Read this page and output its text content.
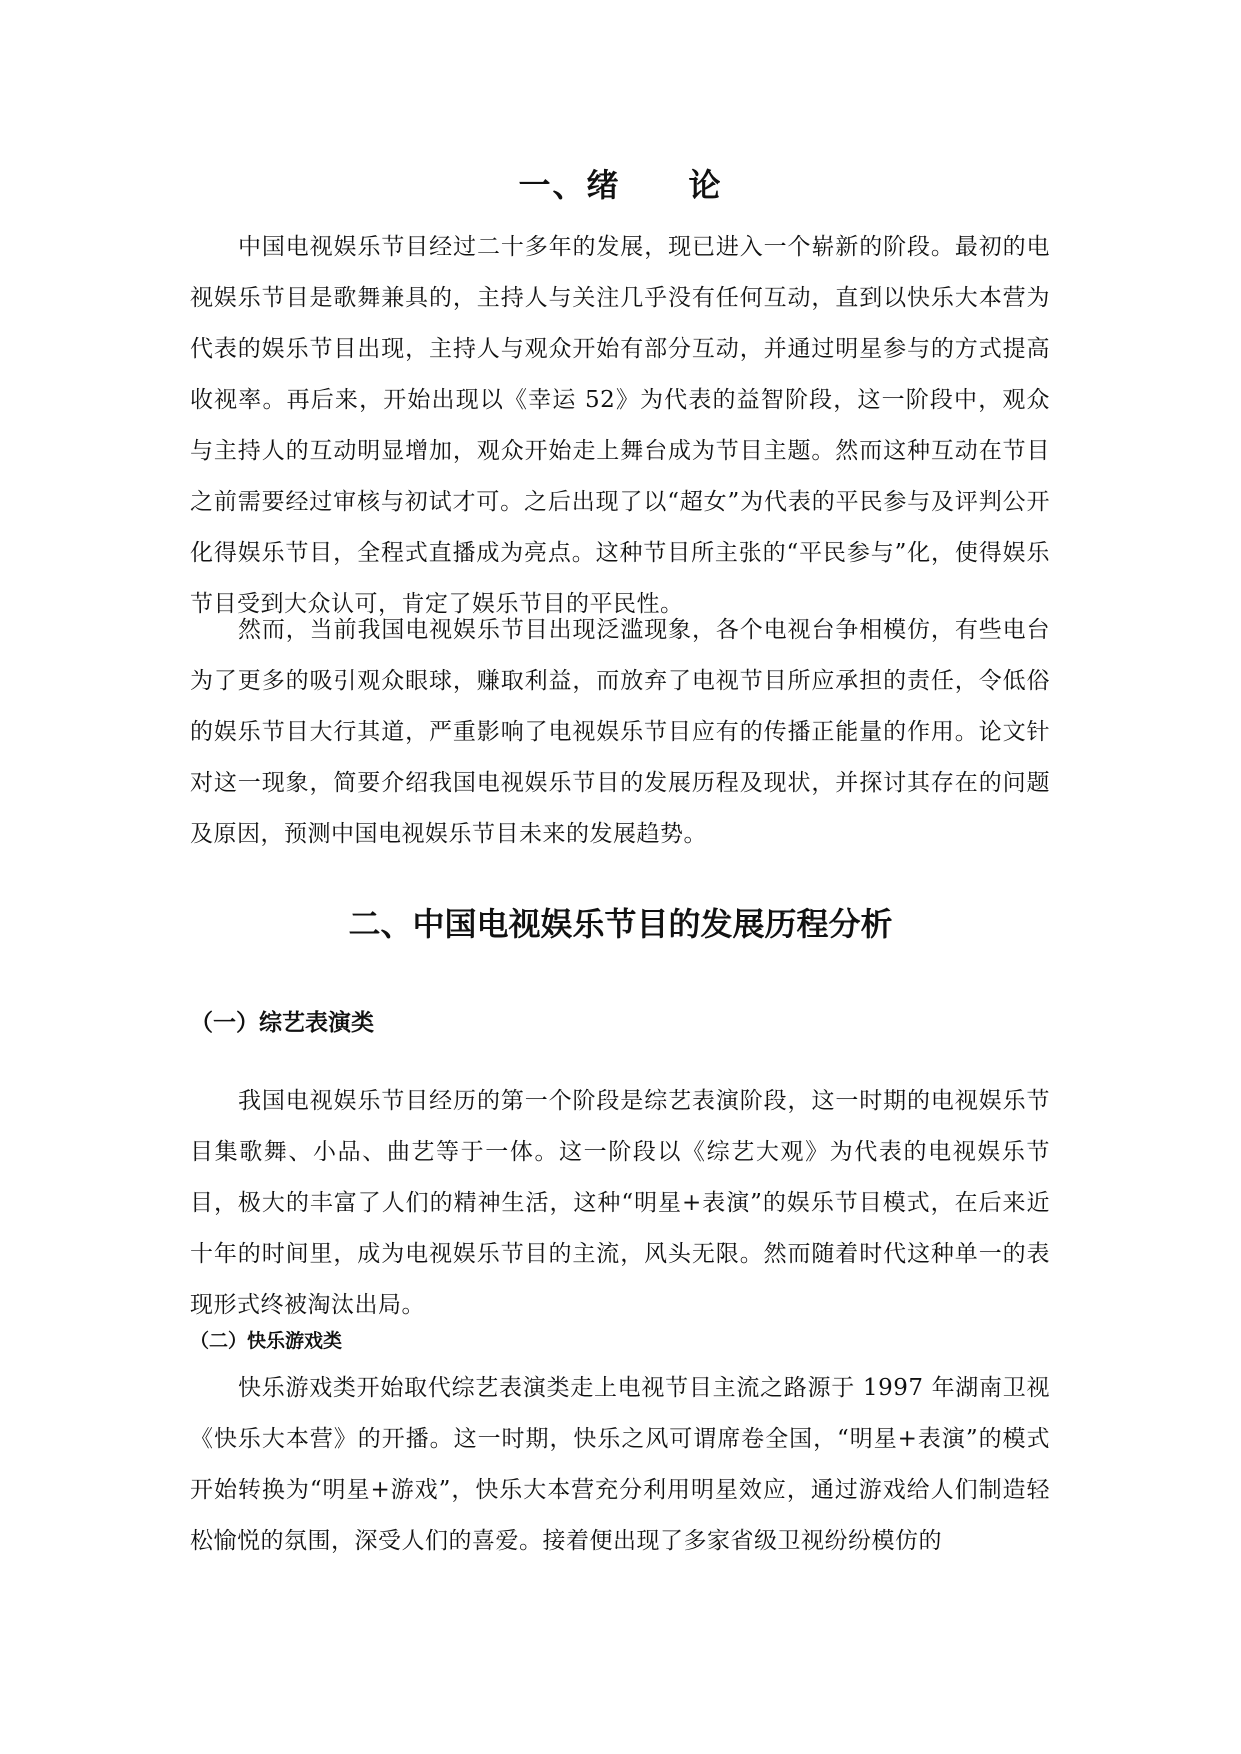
一、绪　　论

中国电视娱乐节目经过二十多年的发展，现已进入一个崭新的阶段。最初的电视娱乐节目是歌舞兼具的，主持人与关注几乎没有任何互动，直到以快乐大本营为代表的娱乐节目出现，主持人与观众开始有部分互动，并通过明星参与的方式提高收视率。再后来，开始出现以《幸运 52》为代表的益智阶段，这一阶段中，观众与主持人的互动明显增加，观众开始走上舞台成为节目主题。然而这种互动在节目之前需要经过审核与初试才可。之后出现了以“超女”为代表的平民参与及评判公开化得娱乐节目，全程式直播成为亮点。这种节目所主张的“平民参与”化，使得娱乐节目受到大众认可，肯定了娱乐节目的平民性。

然而，当前我国电视娱乐节目出现泛滥现象，各个电视台争相模仿，有些电台为了更多的吸引观众眼球，赚取利益，而放弃了电视节目所应承担的责任，令低俗的娱乐节目大行其道，严重影响了电视娱乐节目应有的传播正能量的作用。论文针对这一现象，简要介绍我国电视娱乐节目的发展历程及现状，并探讨其存在的问题及原因，预测中国电视娱乐节目未来的发展趋势。

二、中国电视娱乐节目的发展历程分析
（一）综艺表演类

我国电视娱乐节目经历的第一个阶段是综艺表演阶段，这一时期的电视娱乐节目集歌舞、小品、曲艺等于一体。这一阶段以《综艺大观》为代表的电视娱乐节目，极大的丰富了人们的精神生活，这种“明星+表演”的娱乐节目模式，在后来近十年的时间里，成为电视娱乐节目的主流，风头无限。然而随着时代这种单一的表现形式终被淘汰出局。

（二）快乐游戏类

快乐游戏类开始取代综艺表演类走上电视节目主流之路源于 1997 年湖南卫视《快乐大本营》的开播。这一时期，快乐之风可谓席卷全国，“明星+表演”的模式开始转换为“明星+游戏”，快乐大本营充分利用明星效应，通过游戏给人们制造轻松愉悦的氛围，深受人们的喜爱。接着便出现了多家省级卫视纷纷模仿的
